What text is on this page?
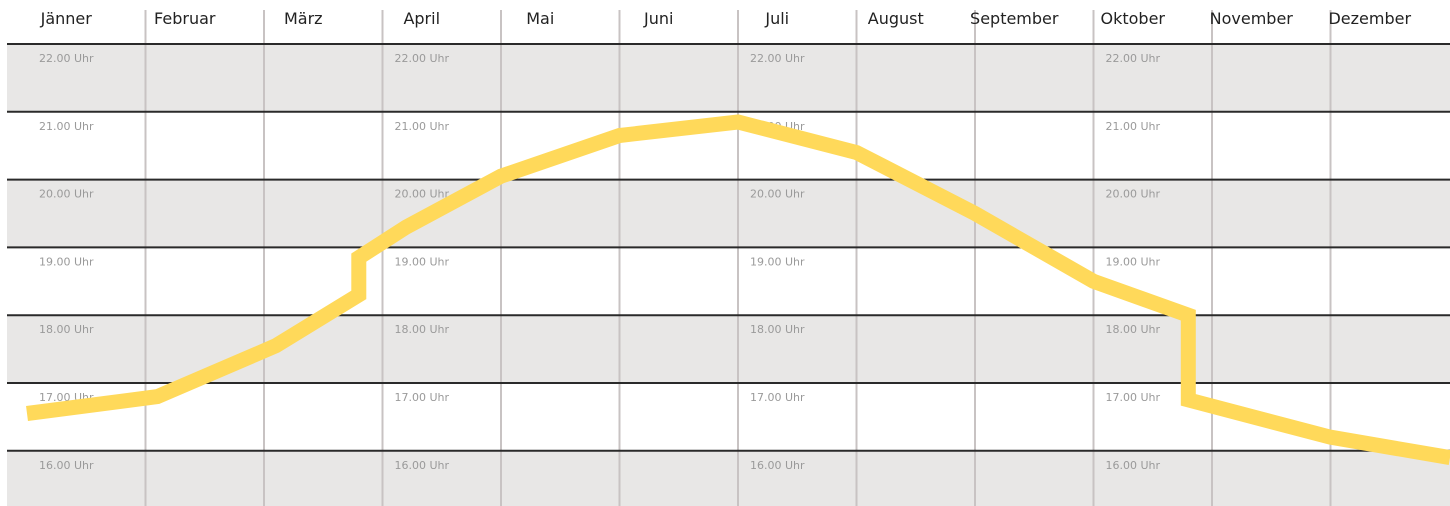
Jänner	Februar	März	April	Mai	Juni	Juli	August	September	Oktober	November Dezember
22.00 Uhr
21.00 Uhr
20.00 Uhr
19.00 Uhr
18.00 Uhr
17.00 Uhr
16.00 Uhr
22.00 Uhr
21.00 Uhr
20.00 Uhr
19.00 Uhr
18.00 Uhr
17.00 Uhr
16.00 Uhr
22.00 Uhr
21.00 Uhr
20.00 Uhr
19.00 Uhr
18.00 Uhr
17.00 Uhr
16.00 Uhr
22.00 Uhr
21.00 Uhr
20.00 Uhr
19.00 Uhr
18.00 Uhr
17.00 Uhr
16.00 Uhr
